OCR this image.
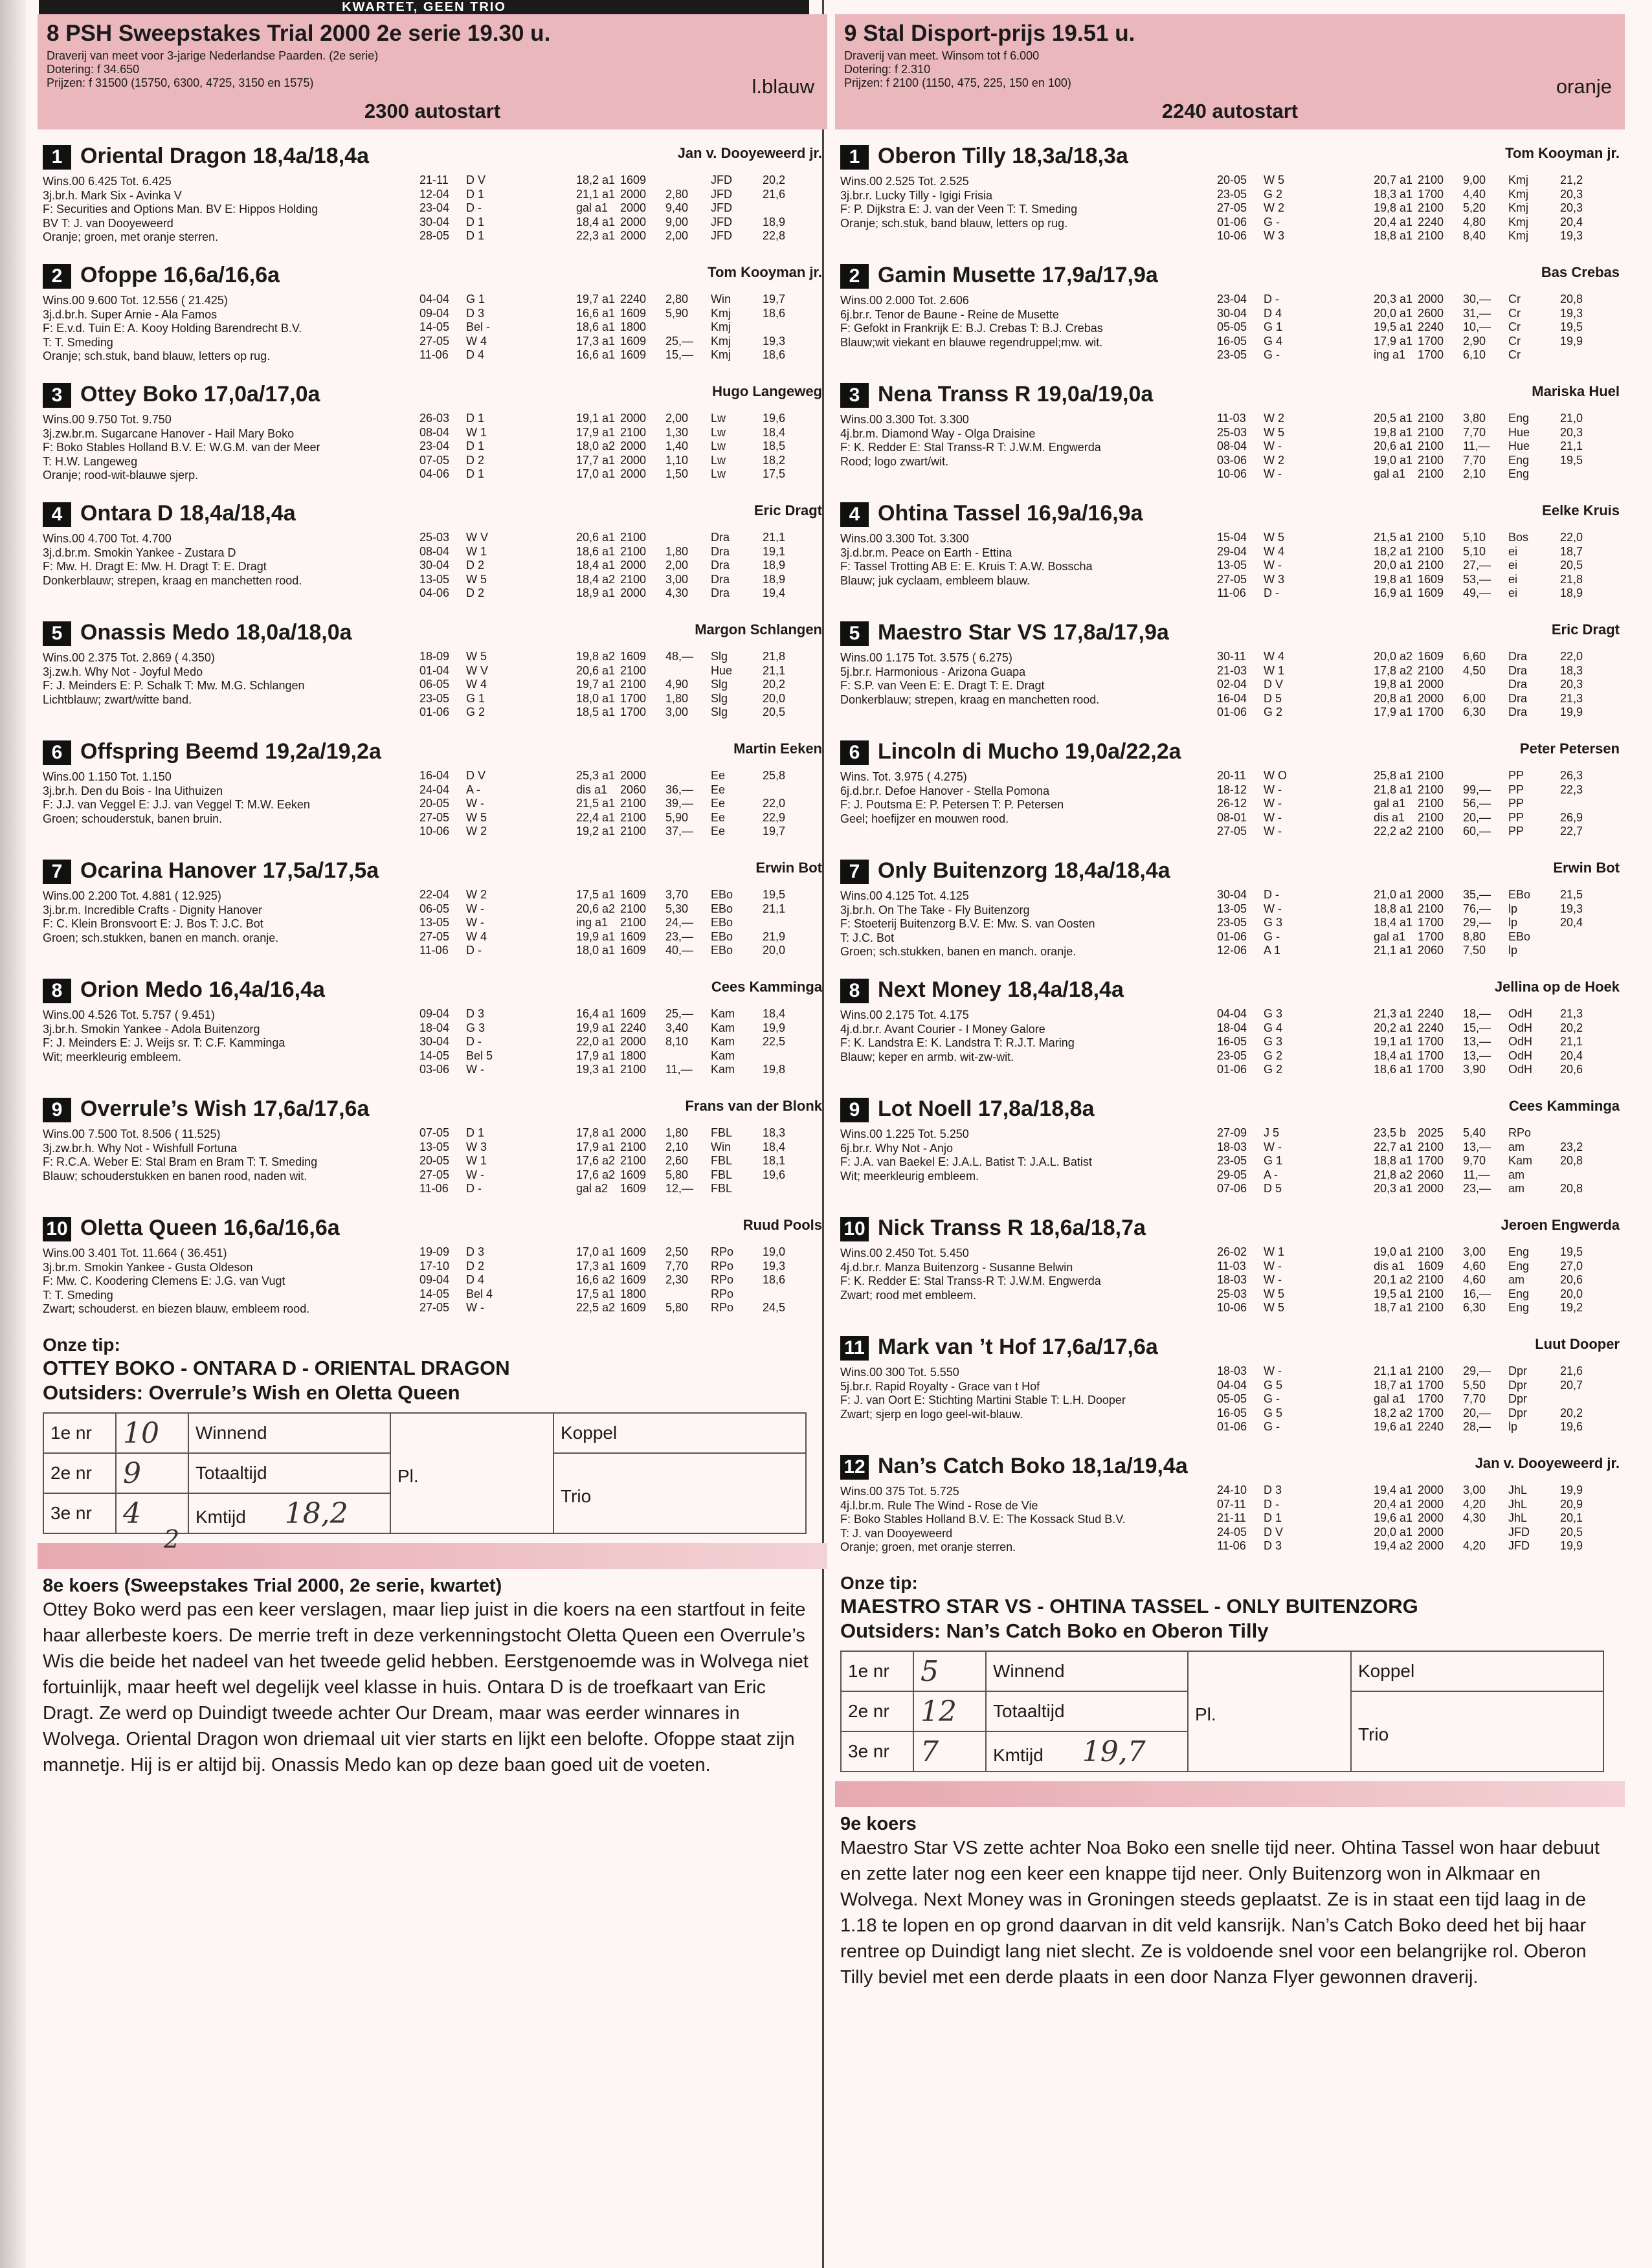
KWARTET, GEEN TRIO
8 PSH Sweepstakes Trial 2000 2e serie 19.30 u.
Draverij van meet voor 3-jarige Nederlandse Paarden. (2e serie)
Dotering: f 34.650
Prijzen: f 31500 (15750, 6300, 4725, 3150 en 1575)	l.blauw
2300 autostart
1 Oriental Dragon 18,4a/18,4a	Jan v. Dooyeweerd jr.
Wins.00 6.425 Tot. 6.425
3j.br.h. Mark Six - Avinka V
F: Securities and Options Man. BV E: Hippos Holding
BV T: J. van Dooyeweerd
Oranje; groen, met oranje sterren.
21-11	D V	18,2 a1 1609	JFD	20,2
12-04	D 1	21,1 a1 2000	2,80	JFD	21,6
23-04	D -	gal a1	2000	9,40	JFD
30-04	D 1	18,4 a1 2000	9,00	JFD	18,9
28-05	D 1	22,3 a1 2000	2,00	JFD	22,8
2 Ofoppe 16,6a/16,6a	Tom Kooyman jr.
Wins.00 9.600 Tot. 12.556 ( 21.425)
3j.d.br.h. Super Arnie - Ala Famos
F: E.v.d. Tuin E: A. Kooy Holding Barendrecht B.V.
T: T. Smeding
Oranje; sch.stuk, band blauw, letters op rug.
04-04	G 1	19,7 a1 2240	2,80	Win	19,7
09-04	D 3	16,6 a1 1609	5,90	Kmj	18,6
14-05	Bel -	18,6 a1 1800	Kmj
27-05	W 4	17,3 a1 1609	25,—	Kmj	19,3
11-06	D 4	16,6 a1 1609	15,—	Kmj	18,6
3 Ottey Boko 17,0a/17,0a	Hugo Langeweg
Wins.00 9.750 Tot. 9.750
3j.zw.br.m. Sugarcane Hanover - Hail Mary Boko
F: Boko Stables Holland B.V. E: W.G.M. van der Meer
T: H.W. Langeweg
Oranje; rood-wit-blauwe sjerp.
26-03	D 1	19,1 a1 2000	2,00	Lw	19,6
08-04	W 1	17,9 a1 2100	1,30	Lw	18,4
23-04	D 1	18,0 a2 2000	1,40	Lw	18,5
07-05	D 2	17,7 a1 2000	1,10	Lw	18,2
04-06	D 1	17,0 a1 2000	1,50	Lw	17,5
4 Ontara D 18,4a/18,4a	Eric Dragt
Wins.00 4.700 Tot. 4.700
3j.d.br.m. Smokin Yankee - Zustara D
F: Mw. H. Dragt E: Mw. H. Dragt T: E. Dragt
Donkerblauw; strepen, kraag en manchetten rood.
25-03	W V	20,6 a1 2100	Dra	21,1
08-04	W 1	18,6 a1 2100	1,80	Dra	19,1
30-04	D 2	18,4 a1 2000	2,00	Dra	18,9
13-05	W 5	18,4 a2 2100	3,00	Dra	18,9
04-06	D 2	18,9 a1 2000	4,30	Dra	19,4
5 Onassis Medo 18,0a/18,0a	Margon Schlangen
Wins.00 2.375 Tot. 2.869 ( 4.350)
3j.zw.h. Why Not - Joyful Medo
F: J. Meinders E: P. Schalk T: Mw. M.G. Schlangen
Lichtblauw; zwart/witte band.
18-09	W 5	19,8 a2 1609	48,—	Slg	21,8
01-04	W V	20,6 a1 2100	Hue	21,1
06-05	W 4	19,7 a1 2100	4,90	Slg	20,2
23-05	G 1	18,0 a1 1700	1,80	Slg	20,0
01-06	G 2	18,5 a1 1700	3,00	Slg	20,5
6 Offspring Beemd 19,2a/19,2a	Martin Eeken
Wins.00 1.150 Tot. 1.150
3j.br.h. Den du Bois - Ina Uithuizen
F: J.J. van Veggel E: J.J. van Veggel T: M.W. Eeken
Groen; schouderstuk, banen bruin.
16-04	D V	25,3 a1 2000	Ee	25,8
24-04	A -	dis a1	2060	36,—	Ee
20-05	W -	21,5 a1 2100	39,—	Ee	22,0
27-05	W 5	22,4 a1 2100	5,90	Ee	22,9
10-06	W 2	19,2 a1 2100	37,—	Ee	19,7
7 Ocarina Hanover 17,5a/17,5a	Erwin Bot
Wins.00 2.200 Tot. 4.881 ( 12.925)
3j.br.m. Incredible Crafts - Dignity Hanover
F: C. Klein Bronsvoort E: J. Bos T: J.C. Bot
Groen; sch.stukken, banen en manch. oranje.
22-04	W 2	17,5 a1 1609	3,70	EBo	19,5
06-05	W -	20,6 a2 2100	5,30	EBo	21,1
13-05	W -	ing a1	2100	24,—	EBo
27-05	W 4	19,9 a1 1609	23,—	EBo	21,9
11-06	D -	18,0 a1 1609	40,—	EBo	20,0
8 Orion Medo 16,4a/16,4a	Cees Kamminga
Wins.00 4.526 Tot. 5.757 ( 9.451)
3j.br.h. Smokin Yankee - Adola Buitenzorg
F: J. Meinders E: J. Weijs sr. T: C.F. Kamminga
Wit; meerkleurig embleem.
09-04	D 3	16,4 a1 1609	25,—	Kam	18,4
18-04	G 3	19,9 a1 2240	3,40	Kam	19,9
30-04	D -	22,0 a1 2000	8,10	Kam	22,5
14-05	Bel 5	17,9 a1 1800	Kam
03-06	W -	19,3 a1 2100	11,—	Kam	19,8
9 Overrule’s Wish 17,6a/17,6a	Frans van der Blonk
Wins.00 7.500 Tot. 8.506 ( 11.525)
3j.zw.br.h. Why Not - Wishfull Fortuna
F: R.C.A. Weber E: Stal Bram en Bram T: T. Smeding
Blauw; schouderstukken en banen rood, naden wit.
07-05	D 1	17,8 a1 2000	1,80	FBL	18,3
13-05	W 3	17,9 a1 2100	2,10	Win	18,4
20-05	W 1	17,6 a2 2100	2,60	FBL	18,1
27-05	W -	17,6 a2 1609	5,80	FBL	19,6
11-06	D -	gal a2	1609	12,—	FBL
10 Oletta Queen 16,6a/16,6a	Ruud Pools
Wins.00 3.401 Tot. 11.664 ( 36.451)
3j.br.m. Smokin Yankee - Gusta Oldeson
F: Mw. C. Koodering Clemens E: J.G. van Vugt
T: T. Smeding
Zwart; schouderst. en biezen blauw, embleem rood.
19-09	D 3	17,0 a1 1609	2,50	RPo	19,0
17-10	D 2	17,3 a1 1609	7,70	RPo	19,3
09-04	D 4	16,6 a2 1609	2,30	RPo	18,6
14-05	Bel 4	17,5 a1 1800	RPo
27-05	W -	22,5 a2 1609	5,80	RPo	24,5
Onze tip:
OTTEY BOKO - ONTARA D - ORIENTAL DRAGON
Outsiders: Overrule’s Wish en Oletta Queen
1e nr	10	Winnend	Pl.	Koppel
2e nr	9	Totaaltijd		Trio

3e nr	4	Kmtijd 18,2		
2
8e koers (Sweepstakes Trial 2000, 2e serie, kwartet)
Ottey Boko werd pas een keer verslagen, maar liep juist in die koers na een startfout in feite haar allerbeste koers. De merrie treft in deze verkenningstocht Oletta Queen een Overrule’s Wis die beide het nadeel van het tweede gelid hebben. Eerstgenoemde was in Wolvega niet fortuinlijk, maar heeft wel degelijk veel klasse in huis. Ontara D is de troefkaart van Eric Dragt. Ze werd op Duindigt tweede achter Our Dream, maar was eerder winnares in Wolvega. Oriental Dragon won driemaal uit vier starts en lijkt een belofte. Ofoppe staat zijn mannetje. Hij is er altijd bij. Onassis Medo kan op deze baan goed uit de voeten.
9 Stal Disport-prijs 19.51 u.
Draverij van meet. Winsom tot f 6.000
Dotering: f 2.310
Prijzen: f 2100 (1150, 475, 225, 150 en 100)	oranje
2240 autostart
1 Oberon Tilly 18,3a/18,3a	Tom Kooyman jr.
Wins.00 2.525 Tot. 2.525
3j.br.r. Lucky Tilly - Igigi Frisia
F: P. Dijkstra E: J. van der Veen T: T. Smeding
Oranje; sch.stuk, band blauw, letters op rug.
20-05	W 5	20,7 a1 2100	9,00	Kmj	21,2
23-05	G 2	18,3 a1 1700	4,40	Kmj	20,3
27-05	W 2	19,8 a1 2100	5,20	Kmj	20,3
01-06	G -	20,4 a1 2240	4,80	Kmj	20,4
10-06	W 3	18,8 a1 2100	8,40	Kmj	19,3
2 Gamin Musette 17,9a/17,9a	Bas Crebas
Wins.00 2.000 Tot. 2.606
6j.br.r. Tenor de Baune - Reine de Musette
F: Gefokt in Frankrijk E: B.J. Crebas T: B.J. Crebas
Blauw;wit viekant en blauwe regendruppel;mw. wit.
23-04	D -	20,3 a1 2000	30,—	Cr	20,8
30-04	D 4	20,0 a1 2600	31,—	Cr	19,3
05-05	G 1	19,5 a1 2240	10,—	Cr	19,5
16-05	G 4	17,9 a1 1700	2,90	Cr	19,9
23-05	G -	ing a1	1700	6,10	Cr
3 Nena Transs R 19,0a/19,0a	Mariska Huel
Wins.00 3.300 Tot. 3.300
4j.br.m. Diamond Way - Olga Draisine
F: K. Redder E: Stal Transs-R T: J.W.M. Engwerda
Rood; logo zwart/wit.
11-03	W 2	20,5 a1 2100	3,80	Eng	21,0
25-03	W 5	19,8 a1 2100	7,70	Hue	20,3
08-04	W -	20,6 a1 2100	11,—	Hue	21,1
03-06	W 2	19,0 a1 2100	7,70	Eng	19,5
10-06	W -	gal a1	2100	2,10	Eng
4 Ohtina Tassel 16,9a/16,9a	Eelke Kruis
Wins.00 3.300 Tot. 3.300
3j.d.br.m. Peace on Earth - Ettina
F: Tassel Trotting AB E: E. Kruis T: A.W. Bosscha
Blauw; juk cyclaam, embleem blauw.
15-04	W 5	21,5 a1 2100	5,10	Bos	22,0
29-04	W 4	18,2 a1 2100	5,10	ei	18,7
13-05	W -	20,0 a1 2100	27,—	ei	20,5
27-05	W 3	19,8 a1 1609	53,—	ei	21,8
11-06	D -	16,9 a1 1609	49,—	ei	18,9
5 Maestro Star VS 17,8a/17,9a	Eric Dragt
Wins.00 1.175 Tot. 3.575 ( 6.275)
5j.br.r. Harmonious - Arizona Guapa
F: S.P. van Veen E: E. Dragt T: E. Dragt
Donkerblauw; strepen, kraag en manchetten rood.
30-11	W 4	20,0 a2 1609	6,60	Dra	22,0
21-03	W 1	17,8 a2 2100	4,50	Dra	18,3
02-04	D V	19,8 a1 2000	Dra	20,3
16-04	D 5	20,8 a1 2000	6,00	Dra	21,3
01-06	G 2	17,9 a1 1700	6,30	Dra	19,9
6 Lincoln di Mucho 19,0a/22,2a	Peter Petersen
Wins. Tot. 3.975 ( 4.275)
6j.d.br.r. Defoe Hanover - Stella Pomona
F: J. Poutsma E: P. Petersen T: P. Petersen
Geel; hoefijzer en mouwen rood.
20-11	W O	25,8 a1 2100	PP	26,3
18-12	W -	21,8 a1 2100	99,—	PP	22,3
26-12	W -	gal a1	2100	56,—	PP
08-01	W -	dis a1	2100	20,—	PP	26,9
27-05	W -	22,2 a2 2100	60,—	PP	22,7
7 Only Buitenzorg 18,4a/18,4a	Erwin Bot
Wins.00 4.125 Tot. 4.125
3j.br.h. On The Take - Fly Buitenzorg
F: Stoeterij Buitenzorg B.V. E: Mw. S. van Oosten
T: J.C. Bot
Groen; sch.stukken, banen en manch. oranje.
30-04	D -	21,0 a1 2000	35,—	EBo	21,5
13-05	W -	18,8 a1 2100	76,—	lp	19,3
23-05	G 3	18,4 a1 1700	29,—	lp	20,4
01-06	G -	gal a1	1700	8,80	EBo
12-06	A 1	21,1 a1 2060	7,50	lp
8 Next Money 18,4a/18,4a	Jellina op de Hoek
Wins.00 2.175 Tot. 4.175
4j.d.br.r. Avant Courier - I Money Galore
F: K. Landstra E: K. Landstra T: R.J.T. Maring
Blauw; keper en armb. wit-zw-wit.
04-04	G 3	21,3 a1 2240	18,—	OdH	21,3
18-04	G 4	20,2 a1 2240	15,—	OdH	20,2
16-05	G 3	19,1 a1 1700	13,—	OdH	21,1
23-05	G 2	18,4 a1 1700	13,—	OdH	20,4
01-06	G 2	18,6 a1 1700	3,90	OdH	20,6
9 Lot Noell 17,8a/18,8a	Cees Kamminga
Wins.00 1.225 Tot. 5.250
6j.br.r. Why Not - Anjo
F: J.A. van Baekel E: J.A.L. Batist T: J.A.L. Batist
Wit; meerkleurig embleem.
27-09	J 5	23,5 b 2025	5,40	RPo
18-03	W -	22,7 a1 2100	13,—	am	23,2
23-05	G 1	18,8 a1 1700	9,70	Kam	20,8
29-05	A -	21,8 a2 2060	11,—	am
07-06	D 5	20,3 a1 2000	23,—	am	20,8
10 Nick Transs R 18,6a/18,7a	Jeroen Engwerda
Wins.00 2.450 Tot. 5.450
4j.d.br.r. Manza Buitenzorg - Susanne Belwin
F: K. Redder E: Stal Transs-R T: J.W.M. Engwerda
Zwart; rood met embleem.
26-02	W 1	19,0 a1 2100	3,00	Eng	19,5
11-03	W -	dis a1	1609	4,60	Eng	27,0
18-03	W -	20,1 a2 2100	4,60	am	20,6
25-03	W 5	19,5 a1 2100	16,—	Eng	20,0
10-06	W 5	18,7 a1 2100	6,30	Eng	19,2
11 Mark van ’t Hof 17,6a/17,6a	Luut Dooper
Wins.00 300 Tot. 5.550
5j.br.r. Rapid Royalty - Grace van t Hof
F: J. van Oort E: Stichting Martini Stable T: L.H. Dooper
Zwart; sjerp en logo geel-wit-blauw.
18-03	W -	21,1 a1 2100	29,—	Dpr	21,6
04-04	G 5	18,7 a1 1700	5,50	Dpr	20,7
05-05	G -	gal a1	1700	7,70	Dpr
16-05	G 5	18,2 a2 1700	20,—	Dpr	20,2
01-06	G -	19,6 a1 2240	28,—	lp	19,6
12 Nan’s Catch Boko 18,1a/19,4a	Jan v. Dooyeweerd jr.
Wins.00 375 Tot. 5.725
4j.l.br.m. Rule The Wind - Rose de Vie
F: Boko Stables Holland B.V. E: The Kossack Stud B.V.
T: J. van Dooyeweerd
Oranje; groen, met oranje sterren.
24-10	D 3	19,4 a1 2000	3,00	JhL	19,9
07-11	D -	20,4 a1 2000	4,20	JhL	20,9
21-11	D 1	19,6 a1 2000	4,30	JhL	20,1
24-05	D V	20,0 a1 2000	JFD	20,5
11-06	D 3	19,4 a2 2000	4,20	JFD	19,9
Onze tip:
MAESTRO STAR VS - OHTINA TASSEL - ONLY BUITENZORG
Outsiders: Nan’s Catch Boko en Oberon Tilly
1e nr	5	Winnend	Pl.	Koppel
2e nr	12	Totaaltijd		Trio

3e nr	7	Kmtijd 19,7		
9e koers
Maestro Star VS zette achter Noa Boko een snelle tijd neer. Ohtina Tassel won haar debuut en zette later nog een keer een knappe tijd neer. Only Buitenzorg won in Alkmaar en Wolvega. Next Money was in Groningen steeds geplaatst. Ze is in staat een tijd laag in de 1.18 te lopen en op grond daarvan in dit veld kansrijk. Nan’s Catch Boko deed het bij haar rentree op Duindigt lang niet slecht. Ze is voldoende snel voor een belangrijke rol. Oberon Tilly beviel met een derde plaats in een door Nanza Flyer gewonnen draverij.
